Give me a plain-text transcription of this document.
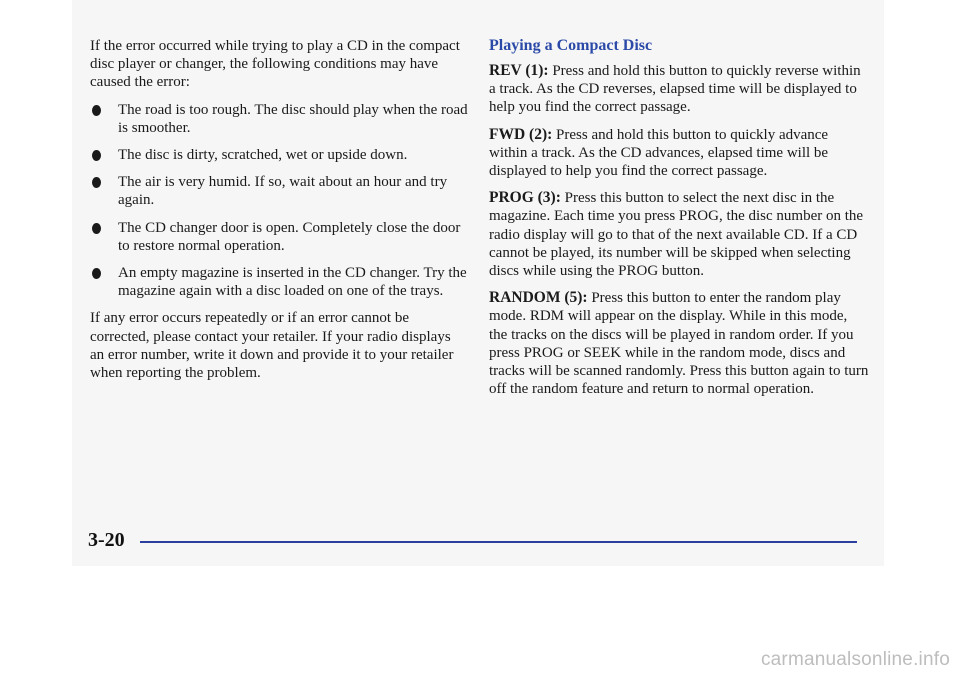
If the error occurred while trying to play a CD in the compact disc player or changer, the following conditions may have caused the error:

The road is too rough. The disc should play when the road is smoother.
The disc is dirty, scratched, wet or upside down.
The air is very humid. If so, wait about an hour and try again.
The CD changer door is open. Completely close the door to restore normal operation.
An empty magazine is inserted in the CD changer. Try the magazine again with a disc loaded on one of the trays.

If any error occurs repeatedly or if an error cannot be corrected, please contact your retailer. If your radio displays an error number, write it down and provide it to your retailer when reporting the problem.

Playing a Compact Disc

REV (1): Press and hold this button to quickly reverse within a track. As the CD reverses, elapsed time will be displayed to help you find the correct passage.

FWD (2): Press and hold this button to quickly advance within a track. As the CD advances, elapsed time will be displayed to help you find the correct passage.

PROG (3): Press this button to select the next disc in the magazine. Each time you press PROG, the disc number on the radio display will go to that of the next available CD. If a CD cannot be played, its number will be skipped when selecting discs while using the PROG button.

RANDOM (5): Press this button to enter the random play mode. RDM will appear on the display. While in this mode, the tracks on the discs will be played in random order. If you press PROG or SEEK while in the random mode, discs and tracks will be scanned randomly. Press this button again to turn off the random feature and return to normal operation.

3-20
carmanualsonline.info
